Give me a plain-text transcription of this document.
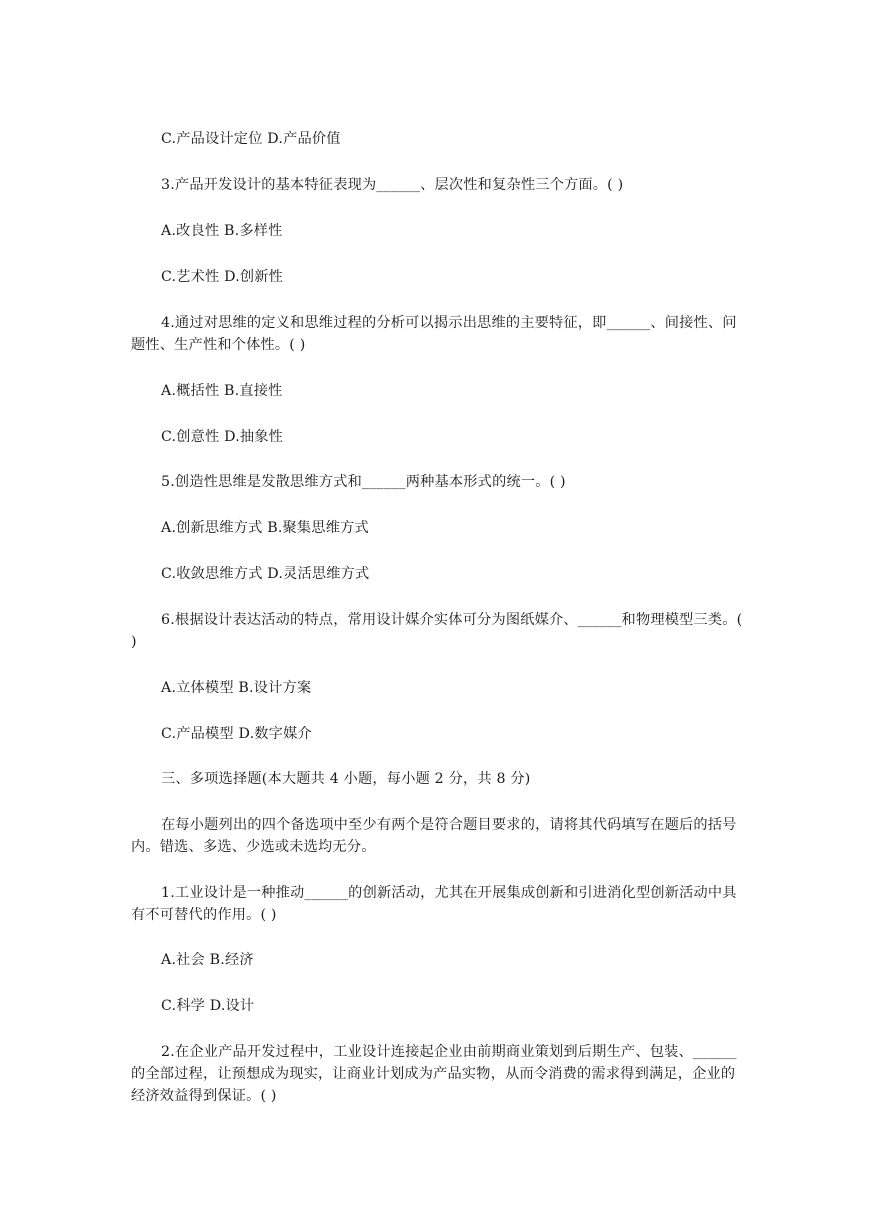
C.产品设计定位 D.产品价值

3.产品开发设计的基本特征表现为______、层次性和复杂性三个方面。( )

A.改良性 B.多样性

C.艺术性 D.创新性

4.通过对思维的定义和思维过程的分析可以揭示出思维的主要特征，即______、间接性、问题性、生产性和个体性。( )

A.概括性 B.直接性

C.创意性 D.抽象性

5.创造性思维是发散思维方式和______两种基本形式的统一。( )

A.创新思维方式 B.聚集思维方式

C.收敛思维方式 D.灵活思维方式

6.根据设计表达活动的特点，常用设计媒介实体可分为图纸媒介、______和物理模型三类。( )

A.立体模型 B.设计方案

C.产品模型 D.数字媒介

三、多项选择题(本大题共 4 小题，每小题 2 分，共 8 分)

在每小题列出的四个备选项中至少有两个是符合题目要求的，请将其代码填写在题后的括号内。错选、多选、少选或未选均无分。

1.工业设计是一种推动______的创新活动，尤其在开展集成创新和引进消化型创新活动中具有不可替代的作用。( )

A.社会 B.经济

C.科学 D.设计

2.在企业产品开发过程中，工业设计连接起企业由前期商业策划到后期生产、包装、______的全部过程，让预想成为现实，让商业计划成为产品实物，从而令消费的需求得到满足，企业的经济效益得到保证。( )
